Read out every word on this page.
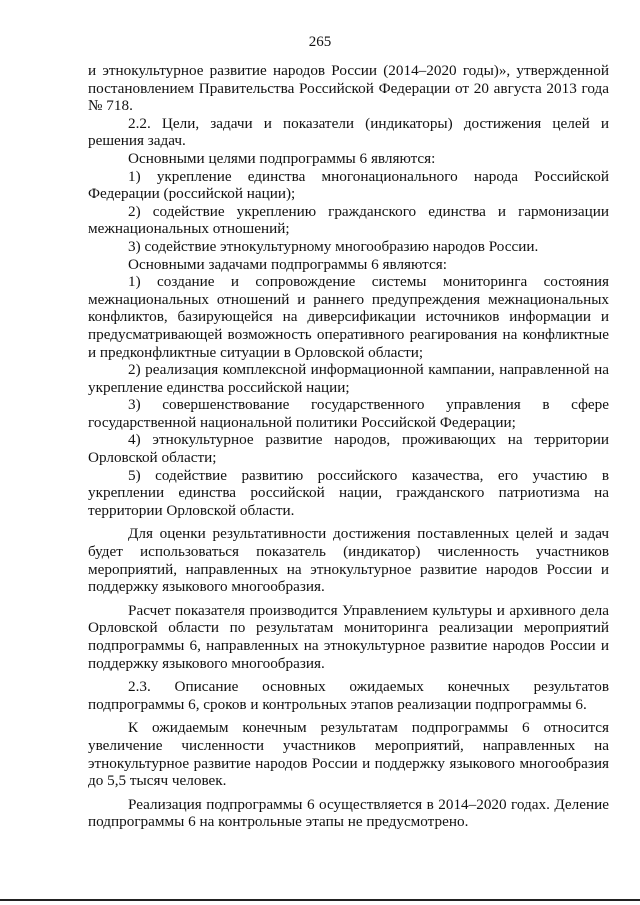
265

и этнокультурное развитие народов России (2014–2020 годы)», утвержденной постановлением Правительства Российской Федерации от 20 августа 2013 года № 718.

2.2. Цели, задачи и показатели (индикаторы) достижения целей и решения задач.

Основными целями подпрограммы 6 являются:

1) укрепление единства многонационального народа Российской Федерации (российской нации);

2) содействие укреплению гражданского единства и гармонизации межнациональных отношений;

3) содействие этнокультурному многообразию народов России.

Основными задачами подпрограммы 6 являются:

1) создание и сопровождение системы мониторинга состояния межнациональных отношений и раннего предупреждения межнациональных конфликтов, базирующейся на диверсификации источников информации и предусматривающей возможность оперативного реагирования на конфликтные и предконфликтные ситуации в Орловской области;

2) реализация комплексной информационной кампании, направленной на укрепление единства российской нации;

3) совершенствование государственного управления в сфере государственной национальной политики Российской Федерации;

4) этнокультурное развитие народов, проживающих на территории Орловской области;

5) содействие развитию российского казачества, его участию в укреплении единства российской нации, гражданского патриотизма на территории Орловской области.

Для оценки результативности достижения поставленных целей и задач будет использоваться показатель (индикатор) численность участников мероприятий, направленных на этнокультурное развитие народов России и поддержку языкового многообразия.

Расчет показателя производится Управлением культуры и архивного дела Орловской области по результатам мониторинга реализации мероприятий подпрограммы 6, направленных на этнокультурное развитие народов России и поддержку языкового многообразия.

2.3. Описание основных ожидаемых конечных результатов подпрограммы 6, сроков и контрольных этапов реализации подпрограммы 6.

К ожидаемым конечным результатам подпрограммы 6 относится увеличение численности участников мероприятий, направленных на этнокультурное развитие народов России и поддержку языкового многообразия до 5,5 тысяч человек.

Реализация подпрограммы 6 осуществляется в 2014–2020 годах. Деление подпрограммы 6 на контрольные этапы не предусмотрено.
